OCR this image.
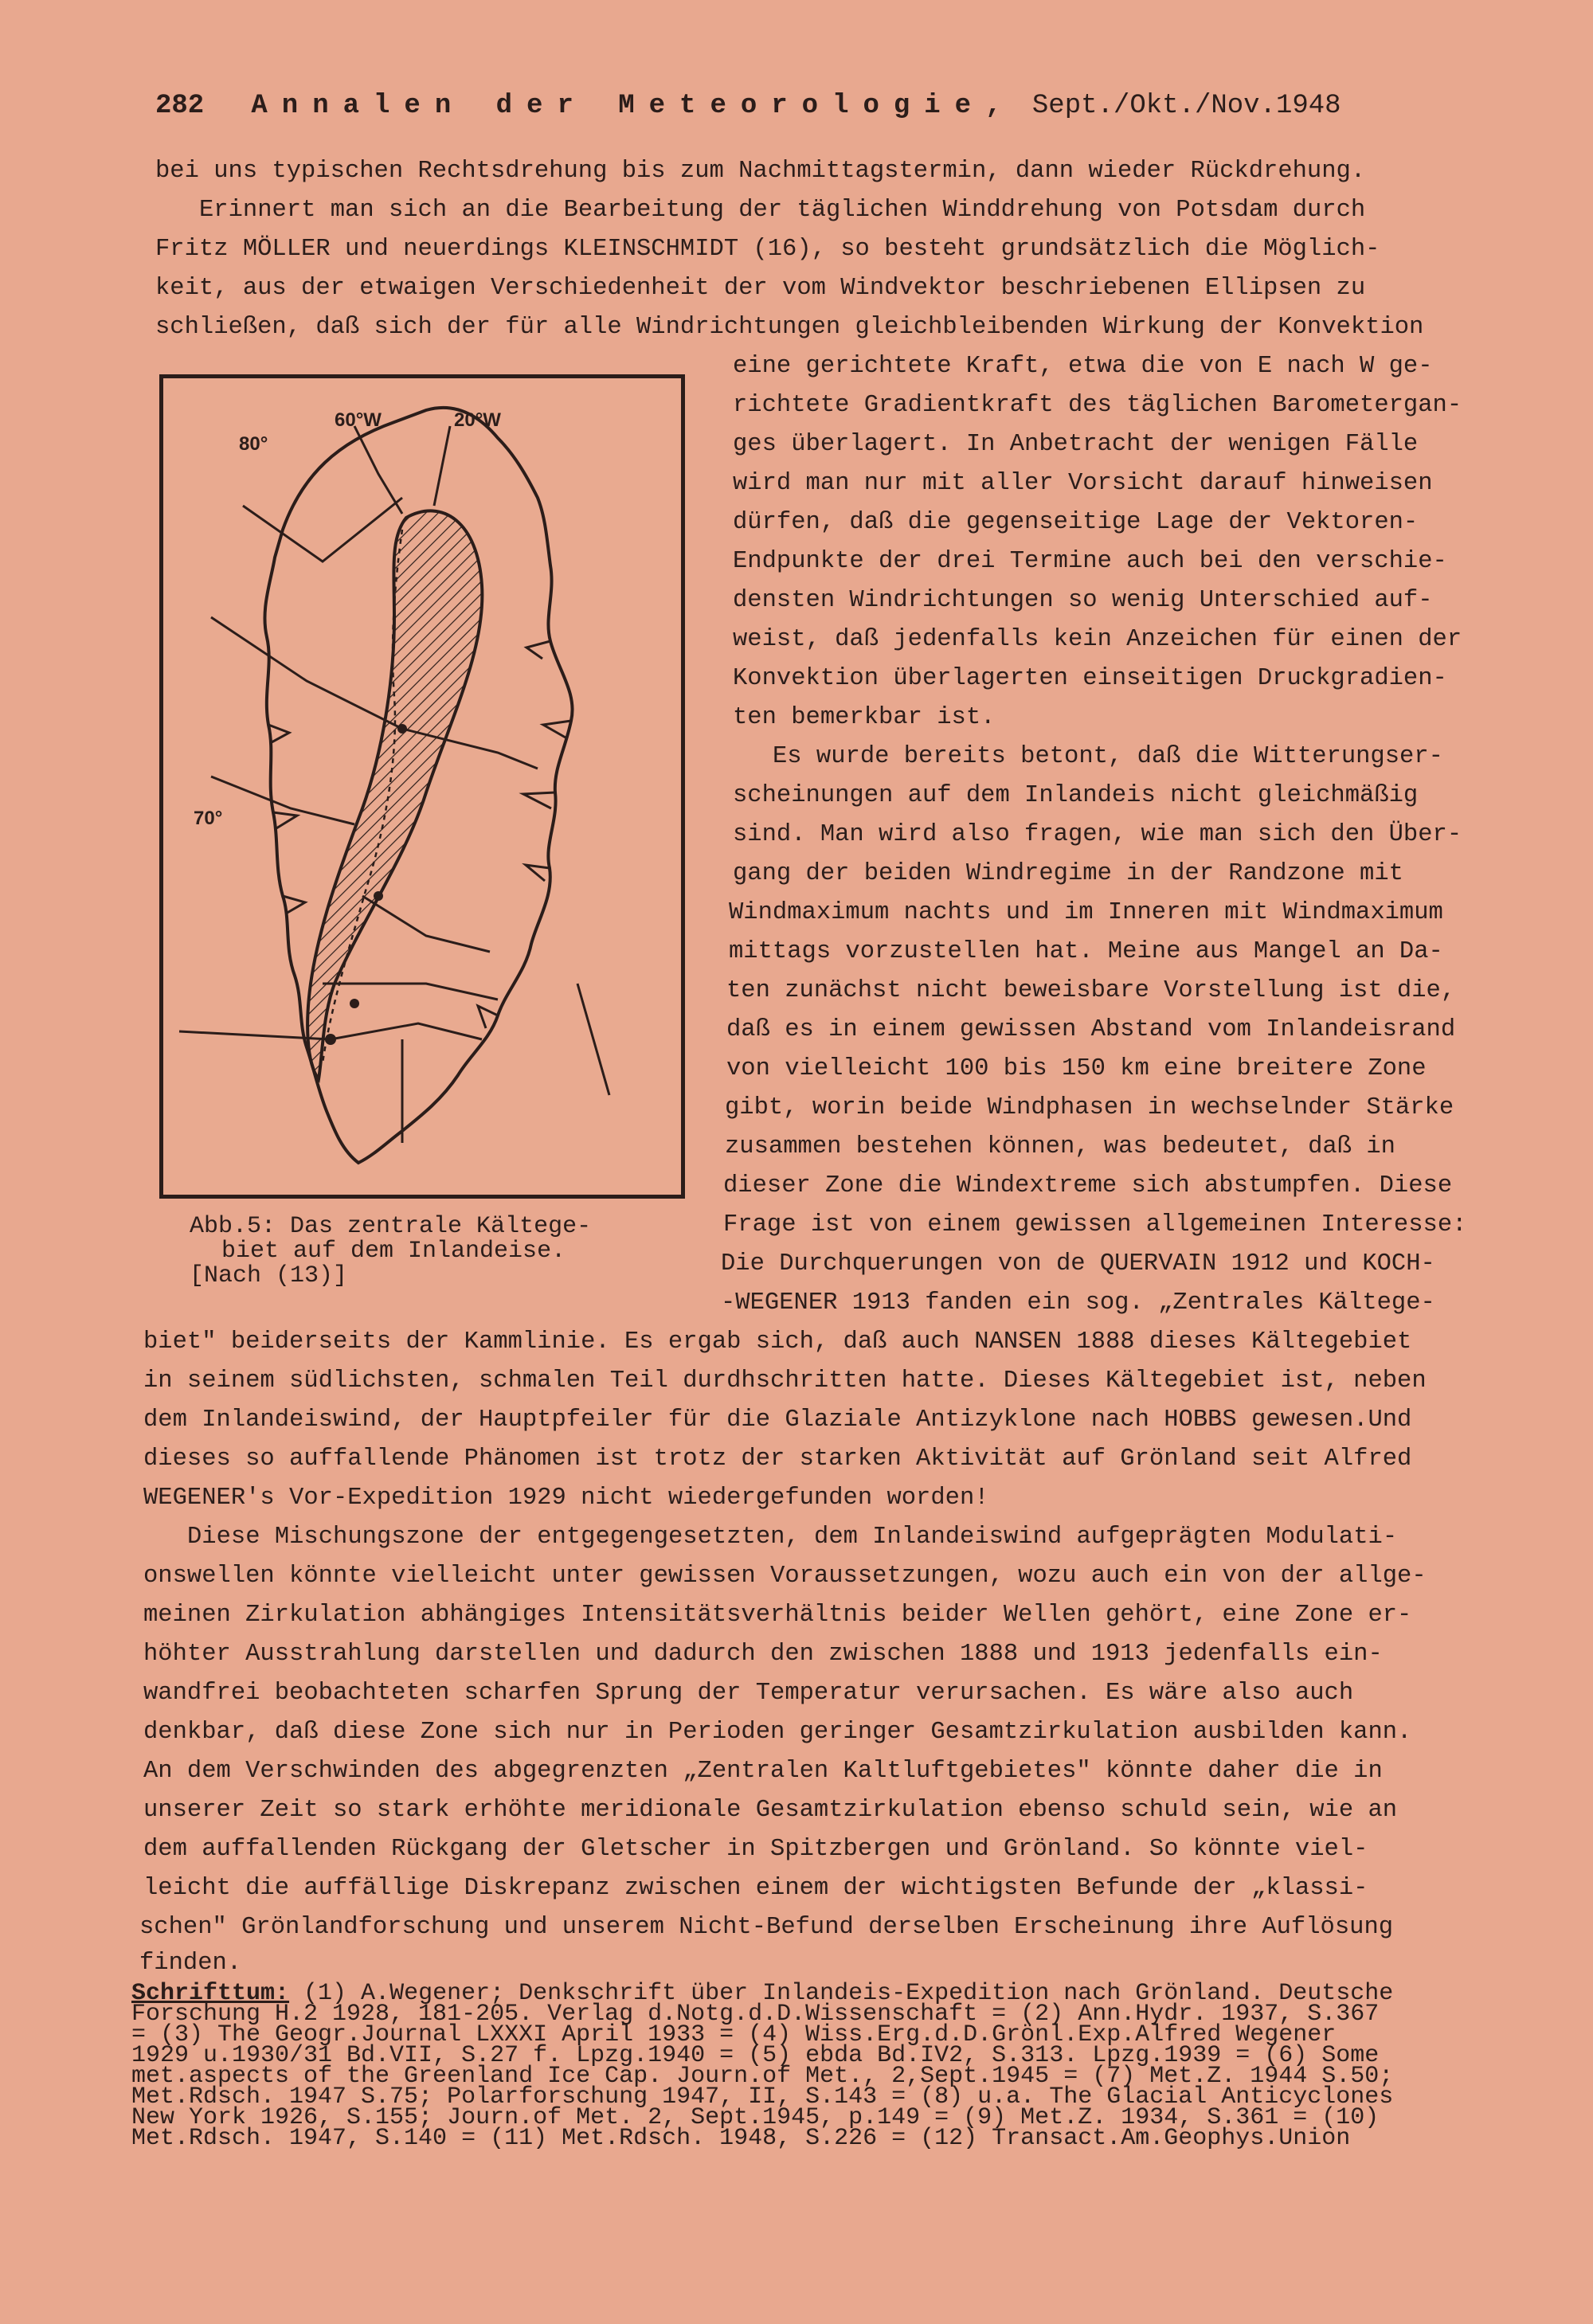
282 Annalen der Meteorologie, Sept./Okt./Nov.1948
bei uns typischen Rechtsdrehung bis zum Nachmittagstermin, dann wieder Rückdrehung.
Erinnert man sich an die Bearbeitung der täglichen Winddrehung von Potsdam durch
Fritz MÖLLER und neuerdings KLEINSCHMIDT (16), so besteht grundsätzlich die Möglich-
keit, aus der etwaigen Verschiedenheit der vom Windvektor beschriebenen Ellipsen zu
schließen, daß sich der für alle Windrichtungen gleichbleibenden Wirkung der Konvektion
eine gerichtete Kraft, etwa die von E nach W ge-
richtete Gradientkraft des täglichen Barometergan-
ges überlagert. In Anbetracht der wenigen Fälle
wird man nur mit aller Vorsicht darauf hinweisen
dürfen, daß die gegenseitige Lage der Vektoren-
Endpunkte der drei Termine auch bei den verschie-
densten Windrichtungen so wenig Unterschied auf-
weist, daß jedenfalls kein Anzeichen für einen der
Konvektion überlagerten einseitigen Druckgradien-
ten bemerkbar ist.
Es wurde bereits betont, daß die Witterungser-
scheinungen auf dem Inlandeis nicht gleichmäßig
sind. Man wird also fragen, wie man sich den Über-
gang der beiden Windregime in der Randzone mit
Windmaximum nachts und im Inneren mit Windmaximum
mittags vorzustellen hat. Meine aus Mangel an Da-
ten zunächst nicht beweisbare Vorstellung ist die,
daß es in einem gewissen Abstand vom Inlandeisrand
von vielleicht 100 bis 150 km eine breitere Zone
gibt, worin beide Windphasen in wechselnder Stärke
zusammen bestehen können, was bedeutet, daß in
dieser Zone die Windextreme sich abstumpfen. Diese
Frage ist von einem gewissen allgemeinen Interesse:
Die Durchquerungen von de QUERVAIN 1912 und KOCH-
-WEGENER 1913 fanden ein sog. „Zentrales Kältege-
60°W	20°W
80°
70°
Abb.5: Das zentrale Kältege-
biet auf dem Inlandeise.
[Nach (13)]
biet" beiderseits der Kammlinie. Es ergab sich, daß auch NANSEN 1888 dieses Kältegebiet
in seinem südlichsten, schmalen Teil durdhschritten hatte. Dieses Kältegebiet ist, neben
dem Inlandeiswind, der Hauptpfeiler für die Glaziale Antizyklone nach HOBBS gewesen.Und
dieses so auffallende Phänomen ist trotz der starken Aktivität auf Grönland seit Alfred
WEGENER's Vor-Expedition 1929 nicht wiedergefunden worden!
Diese Mischungszone der entgegengesetzten, dem Inlandeiswind aufgeprägten Modulati-
onswellen könnte vielleicht unter gewissen Voraussetzungen, wozu auch ein von der allge-
meinen Zirkulation abhängiges Intensitätsverhältnis beider Wellen gehört, eine Zone er-
höhter Ausstrahlung darstellen und dadurch den zwischen 1888 und 1913 jedenfalls ein-
wandfrei beobachteten scharfen Sprung der Temperatur verursachen. Es wäre also auch
denkbar, daß diese Zone sich nur in Perioden geringer Gesamtzirkulation ausbilden kann.
An dem Verschwinden des abgegrenzten „Zentralen Kaltluftgebietes" könnte daher die in
unserer Zeit so stark erhöhte meridionale Gesamtzirkulation ebenso schuld sein, wie an
dem auffallenden Rückgang der Gletscher in Spitzbergen und Grönland. So könnte viel-
leicht die auffällige Diskrepanz zwischen einem der wichtigsten Befunde der „klassi-
schen" Grönlandforschung und unserem Nicht-Befund derselben Erscheinung ihre Auflösung
finden.
Schrifttum: (1) A.Wegener; Denkschrift über Inlandeis-Expedition nach Grönland. Deutsche
Forschung H.2 1928, 181-205. Verlag d.Notg.d.D.Wissenschaft = (2) Ann.Hydr. 1937, S.367
= (3) The Geogr.Journal LXXXI April 1933 = (4) Wiss.Erg.d.D.Grönl.Exp.Alfred Wegener
1929 u.1930/31 Bd.VII, S.27 f. Lpzg.1940 = (5) ebda Bd.IV2, S.313. Lpzg.1939 = (6) Some
met.aspects of the Greenland Ice Cap. Journ.of Met., 2,Sept.1945 = (7) Met.Z. 1944 S.50;
Met.Rdsch. 1947 S.75; Polarforschung 1947, II, S.143 = (8) u.a. The Glacial Anticyclones
New York 1926, S.155; Journ.of Met. 2, Sept.1945, p.149 = (9) Met.Z. 1934, S.361 = (10)
Met.Rdsch. 1947, S.140 = (11) Met.Rdsch. 1948, S.226 = (12) Transact.Am.Geophys.Union
